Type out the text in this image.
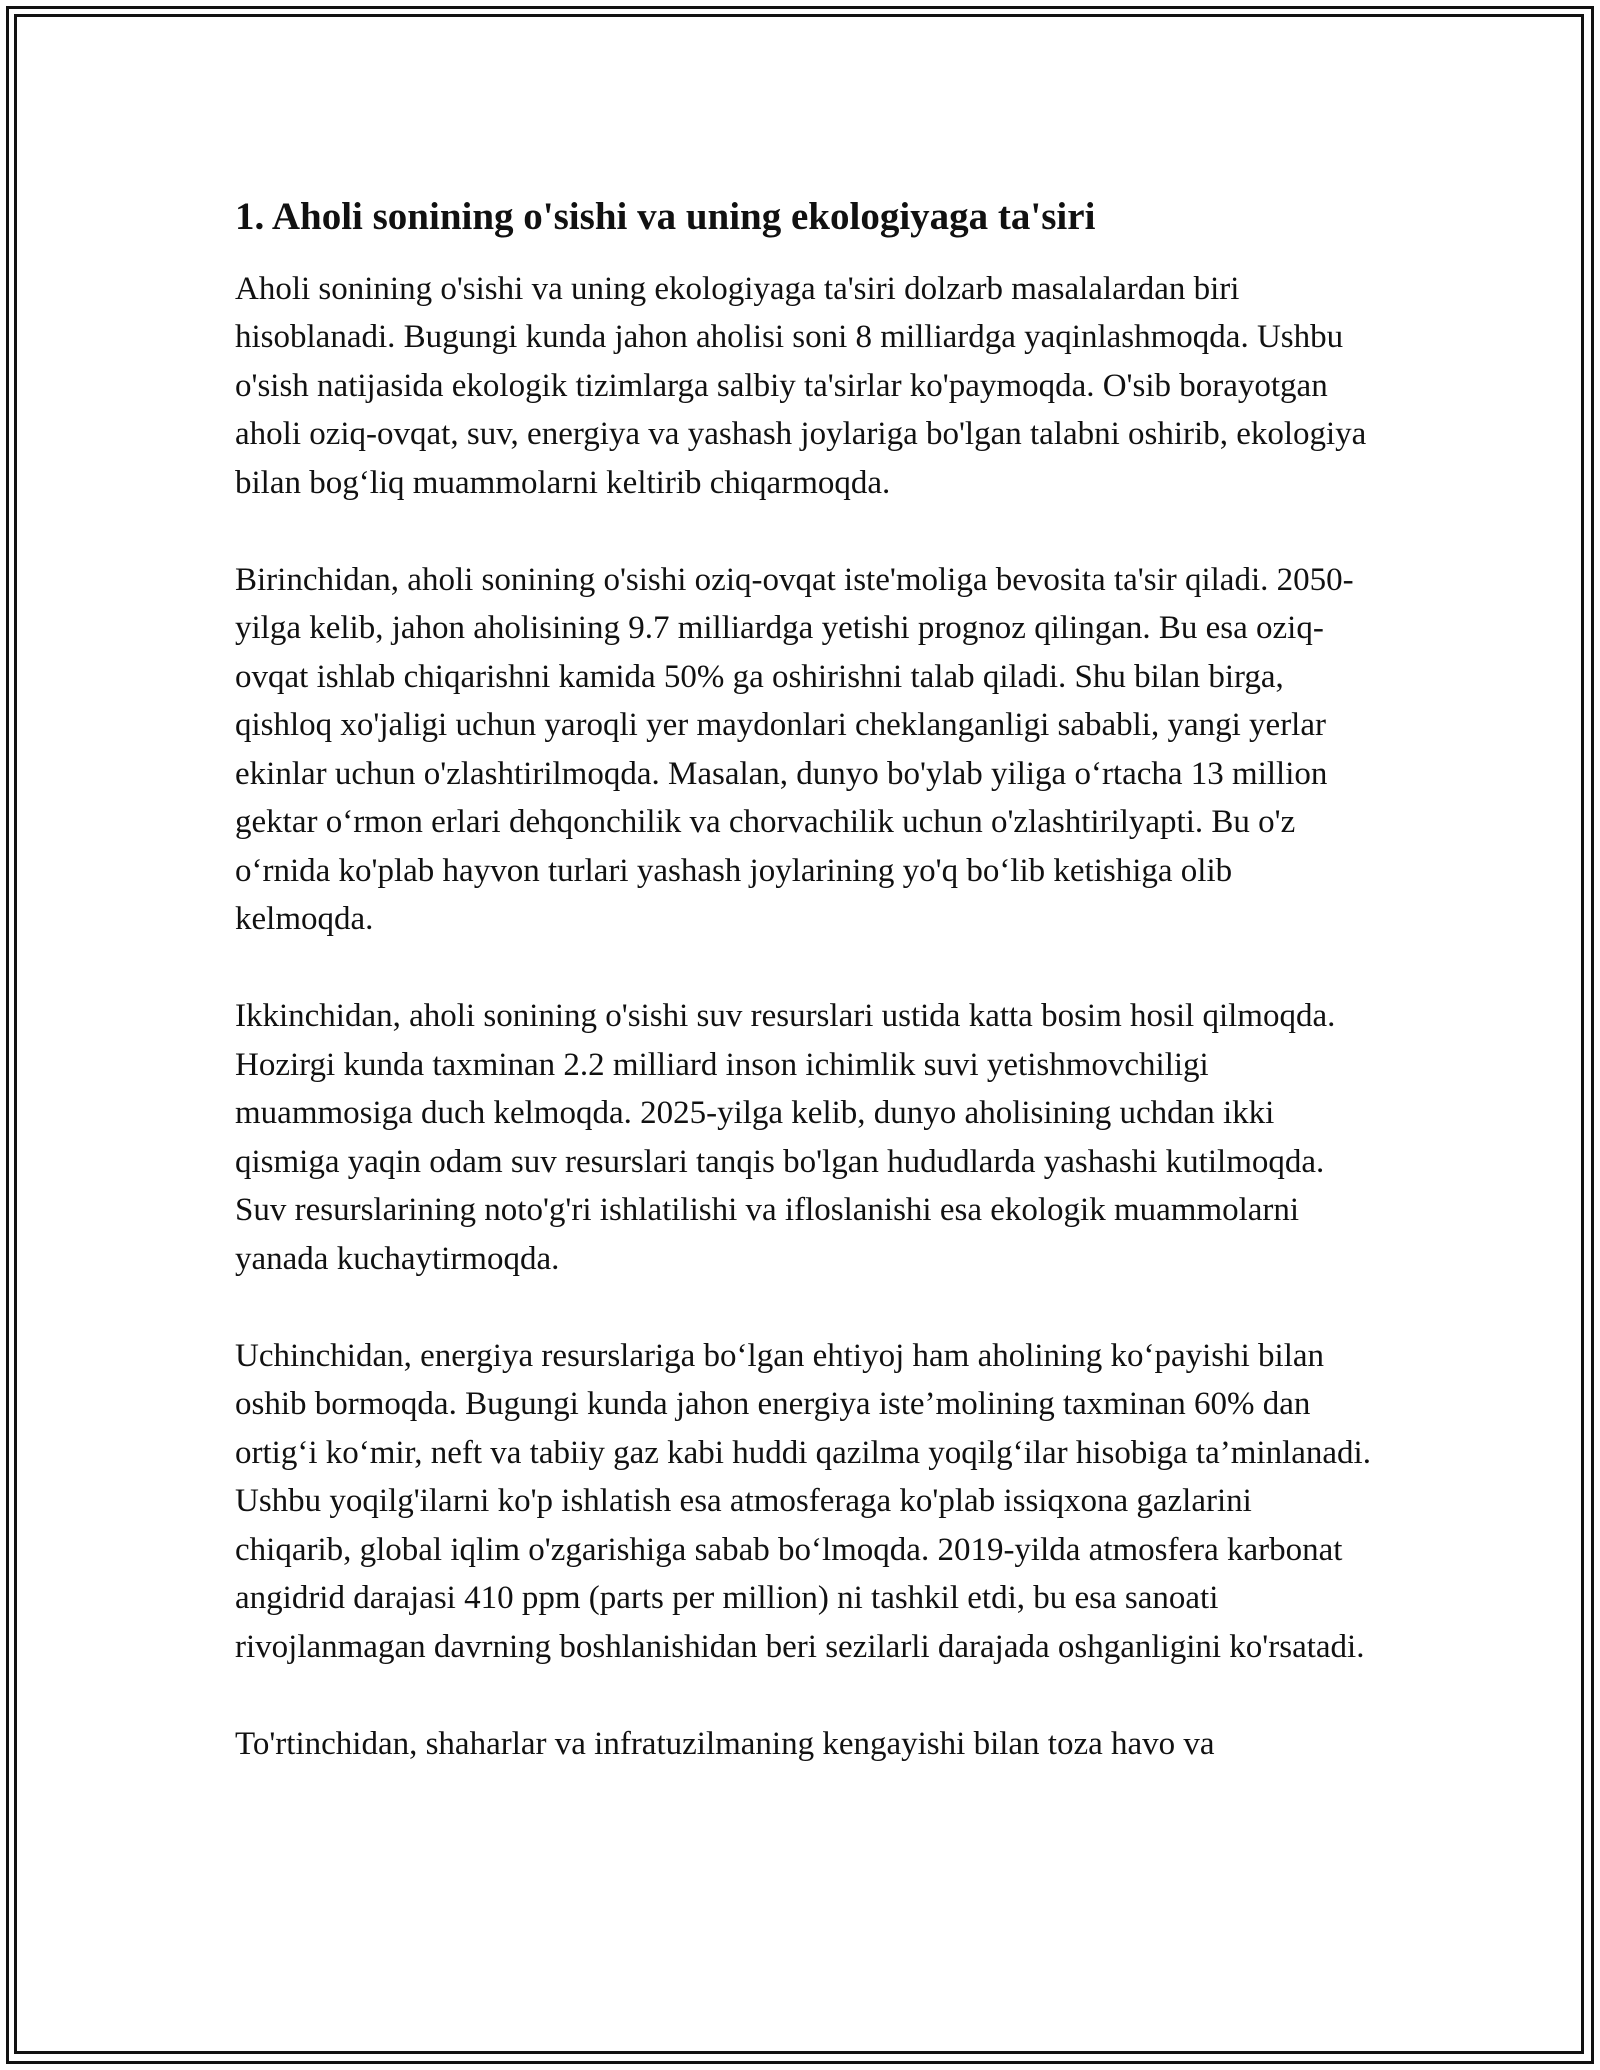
1. Aholi sonining o'sishi va uning ekologiyaga ta'siri

Aholi sonining o'sishi va uning ekologiyaga ta'siri dolzarb masalalardan biri hisoblanadi. Bugungi kunda jahon aholisi soni 8 milliardga yaqinlashmoqda. Ushbu o'sish natijasida ekologik tizimlarga salbiy ta'sirlar ko'paymoqda. O'sib borayotgan aholi oziq-ovqat, suv, energiya va yashash joylariga bo'lgan talabni oshirib, ekologiya bilan bog‘liq muammolarni keltirib chiqarmoqda.

Birinchidan, aholi sonining o'sishi oziq-ovqat iste'moliga bevosita ta'sir qiladi. 2050-yilga kelib, jahon aholisining 9.7 milliardga yetishi prognoz qilingan. Bu esa oziq-ovqat ishlab chiqarishni kamida 50% ga oshirishni talab qiladi. Shu bilan birga, qishloq xo'jaligi uchun yaroqli yer maydonlari cheklanganligi sababli, yangi yerlar ekinlar uchun o'zlashtirilmoqda. Masalan, dunyo bo'ylab yiliga o‘rtacha 13 million gektar o‘rmon erlari dehqonchilik va chorvachilik uchun o'zlashtirilyapti. Bu o'z o‘rnida ko'plab hayvon turlari yashash joylarining yo'q bo‘lib ketishiga olib kelmoqda.

Ikkinchidan, aholi sonining o'sishi suv resurslari ustida katta bosim hosil qilmoqda. Hozirgi kunda taxminan 2.2 milliard inson ichimlik suvi yetishmovchiligi muammosiga duch kelmoqda. 2025-yilga kelib, dunyo aholisining uchdan ikki qismiga yaqin odam suv resurslari tanqis bo'lgan hududlarda yashashi kutilmoqda. Suv resurslarining noto'g'ri ishlatilishi va ifloslanishi esa ekologik muammolarni yanada kuchaytirmoqda.

Uchinchidan, energiya resurslariga bo‘lgan ehtiyoj ham aholining ko‘payishi bilan oshib bormoqda. Bugungi kunda jahon energiya iste’molining taxminan 60% dan ortig‘i ko‘mir, neft va tabiiy gaz kabi huddi qazilma yoqilg‘ilar hisobiga ta’minlanadi. Ushbu yoqilg'ilarni ko'p ishlatish esa atmosferaga ko'plab issiqxona gazlarini chiqarib, global iqlim o'zgarishiga sabab bo‘lmoqda. 2019-yilda atmosfera karbonat angidrid darajasi 410 ppm (parts per million) ni tashkil etdi, bu esa sanoati rivojlanmagan davrning boshlanishidan beri sezilarli darajada oshganligini ko'rsatadi.

To'rtinchidan, shaharlar va infratuzilmaning kengayishi bilan toza havo va
